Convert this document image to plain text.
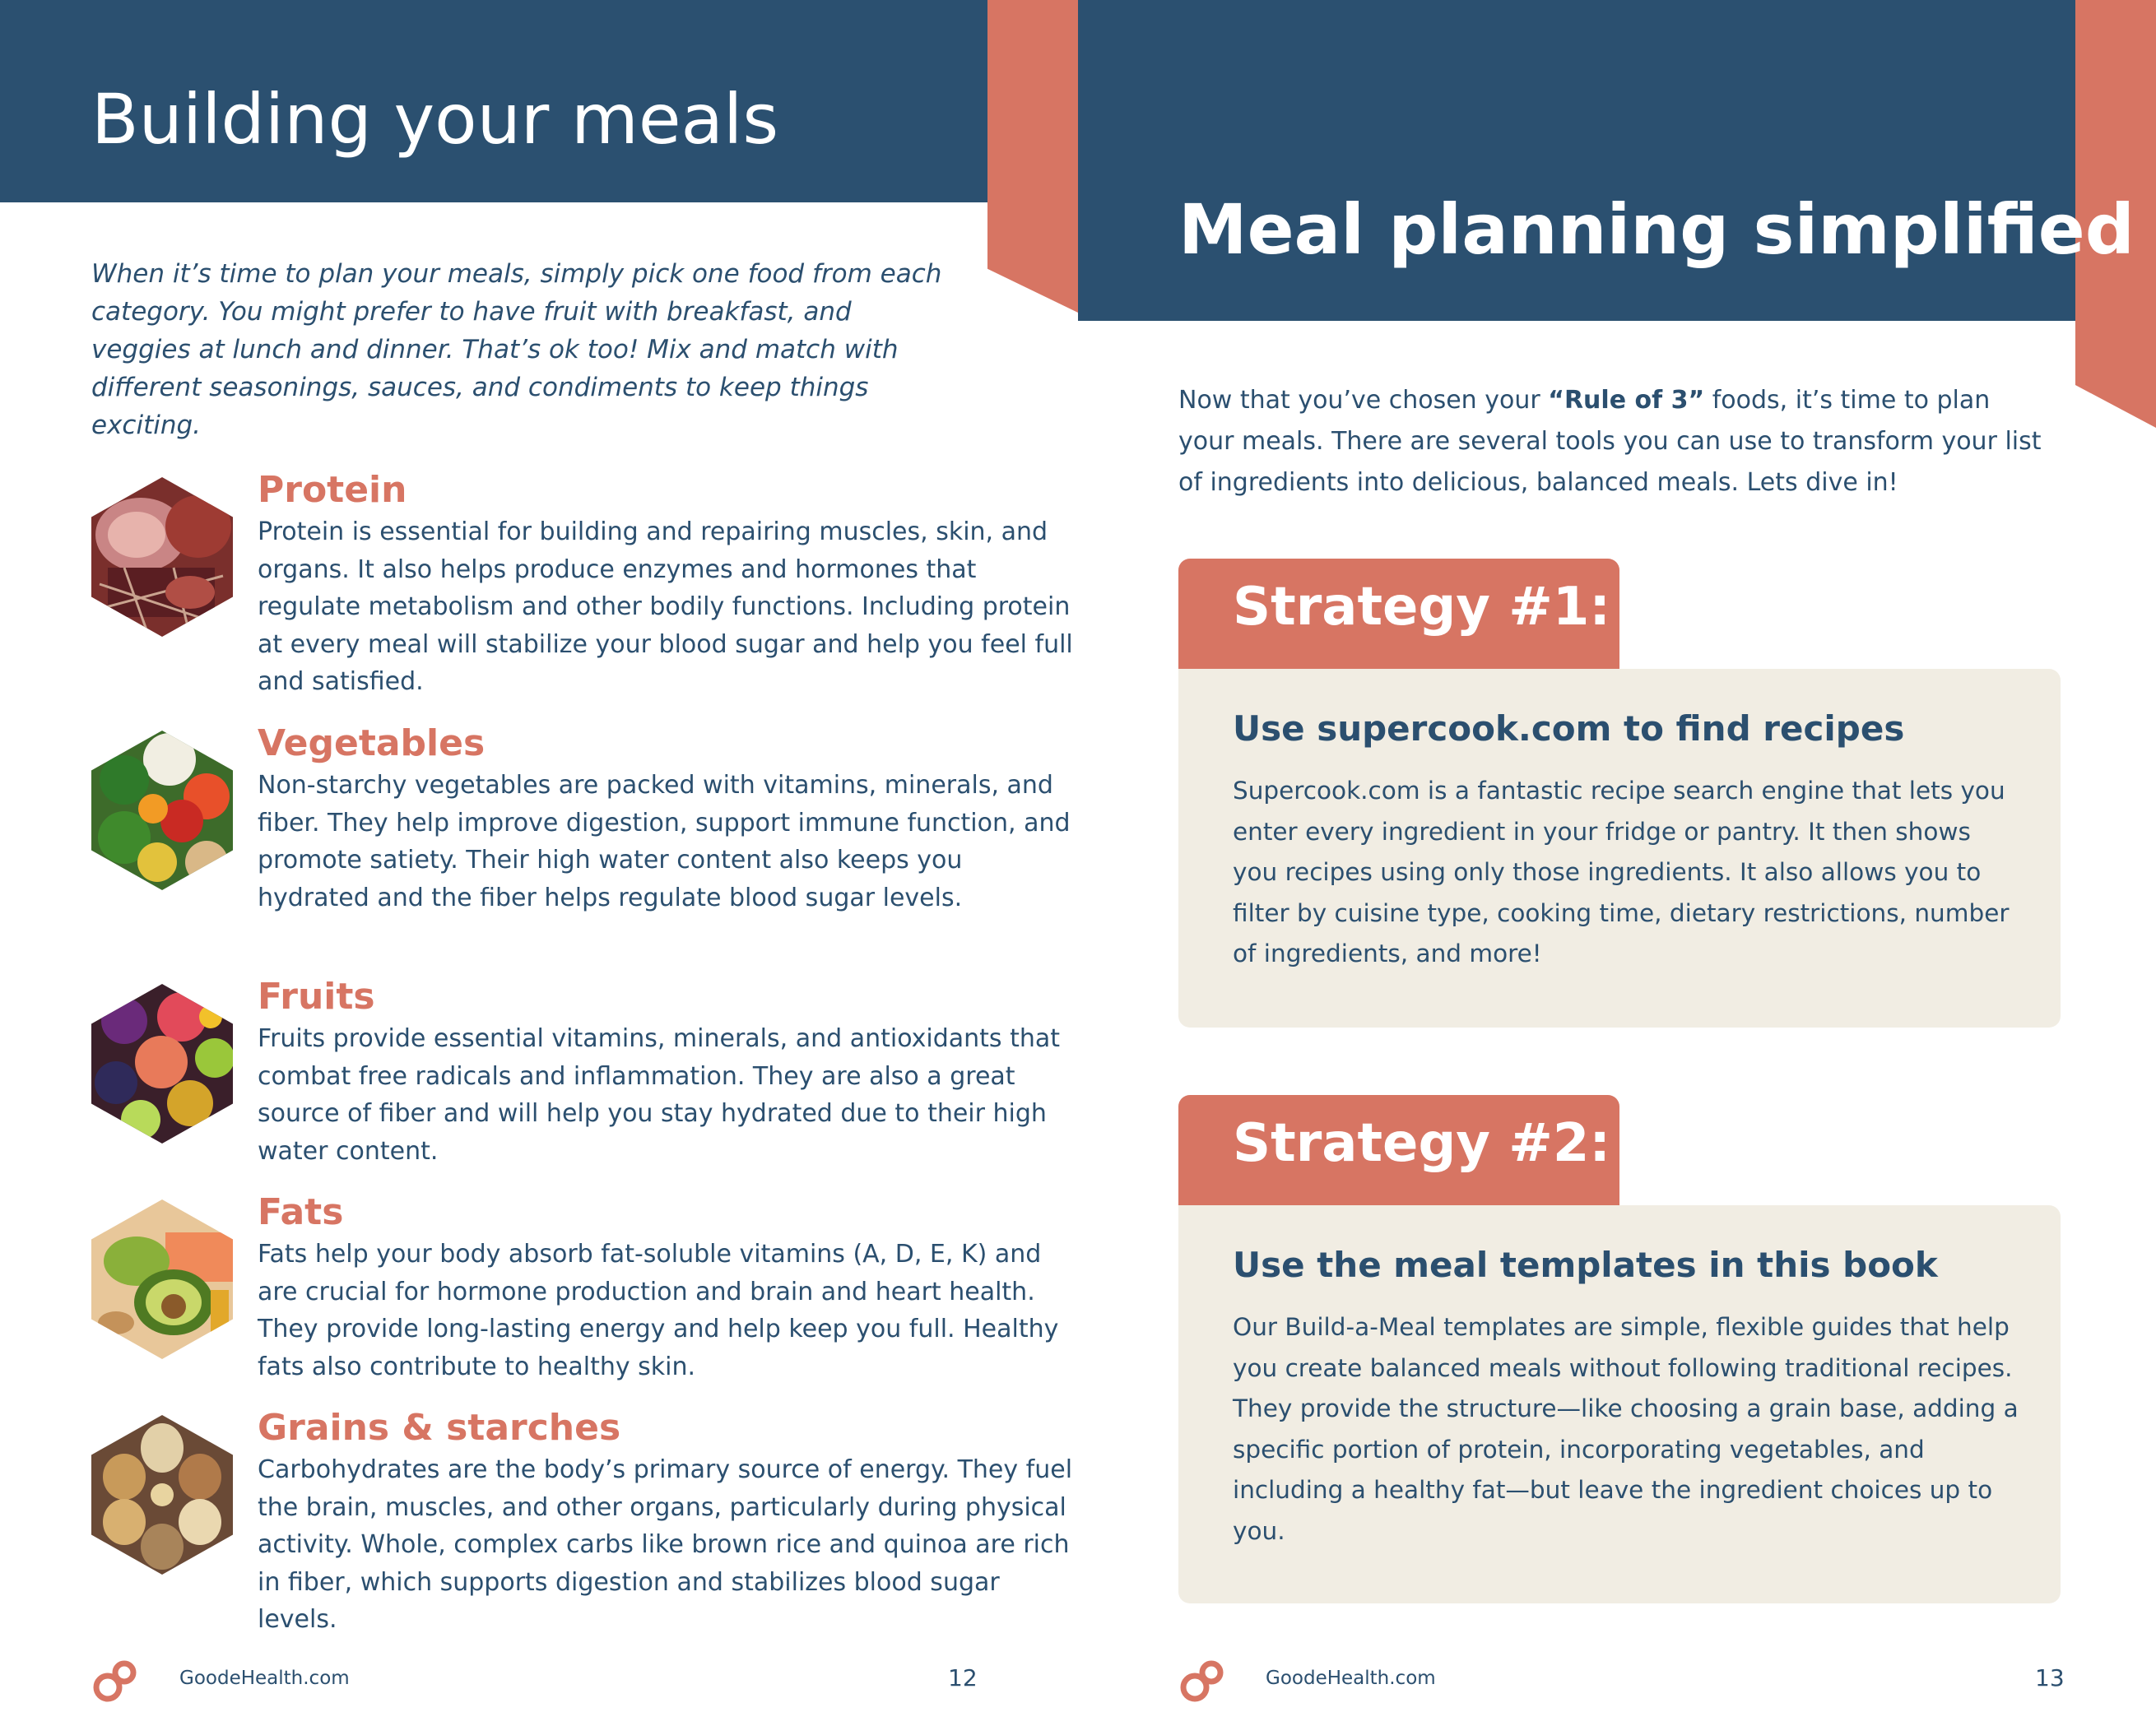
Building your meals

When it’s time to plan your meals, simply pick one food from each category. You might prefer to have fruit with breakfast, and veggies at lunch and dinner. That’s ok too! Mix and match with different seasonings, sauces, and condiments to keep things exciting.

Protein
Protein is essential for building and repairing muscles, skin, and organs. It also helps produce enzymes and hormones that regulate metabolism and other bodily functions. Including protein at every meal will stabilize your blood sugar and help you feel full and satisfied.
Vegetables
Non-starchy vegetables are packed with vitamins, minerals, and fiber. They help improve digestion, support immune function, and promote satiety. Their high water content also keeps you hydrated and the fiber helps regulate blood sugar levels.
Fruits
Fruits provide essential vitamins, minerals, and antioxidants that combat free radicals and inflammation. They are also a great source of fiber and will help you stay hydrated due to their high water content.
Fats
Fats help your body absorb fat-soluble vitamins (A, D, E, K) and are crucial for hormone production and brain and heart health. They provide long-lasting energy and help keep you full. Healthy fats also contribute to healthy skin.
Grains & starches
Carbohydrates are the body’s primary source of energy. They fuel the brain, muscles, and other organs, particularly during physical activity. Whole, complex carbs like brown rice and quinoa are rich in fiber, which supports digestion and stabilizes blood sugar levels.
GoodeHealth.com	12
Meal planning simplified

Now that you’ve chosen your “Rule of 3” foods, it’s time to plan your meals. There are several tools you can use to transform your list of ingredients into delicious, balanced meals. Lets dive in!

Strategy #1:
Use supercook.com to find recipes
Supercook.com is a fantastic recipe search engine that lets you enter every ingredient in your fridge or pantry. It then shows you recipes using only those ingredients. It also allows you to filter by cuisine type, cooking time, dietary restrictions, number of ingredients, and more!
Strategy #2:
Use the meal templates in this book
Our Build-a-Meal templates are simple, flexible guides that help you create balanced meals without following traditional recipes. They provide the structure—like choosing a grain base, adding a specific portion of protein, incorporating vegetables, and including a healthy fat—but leave the ingredient choices up to you.
GoodeHealth.com	13
